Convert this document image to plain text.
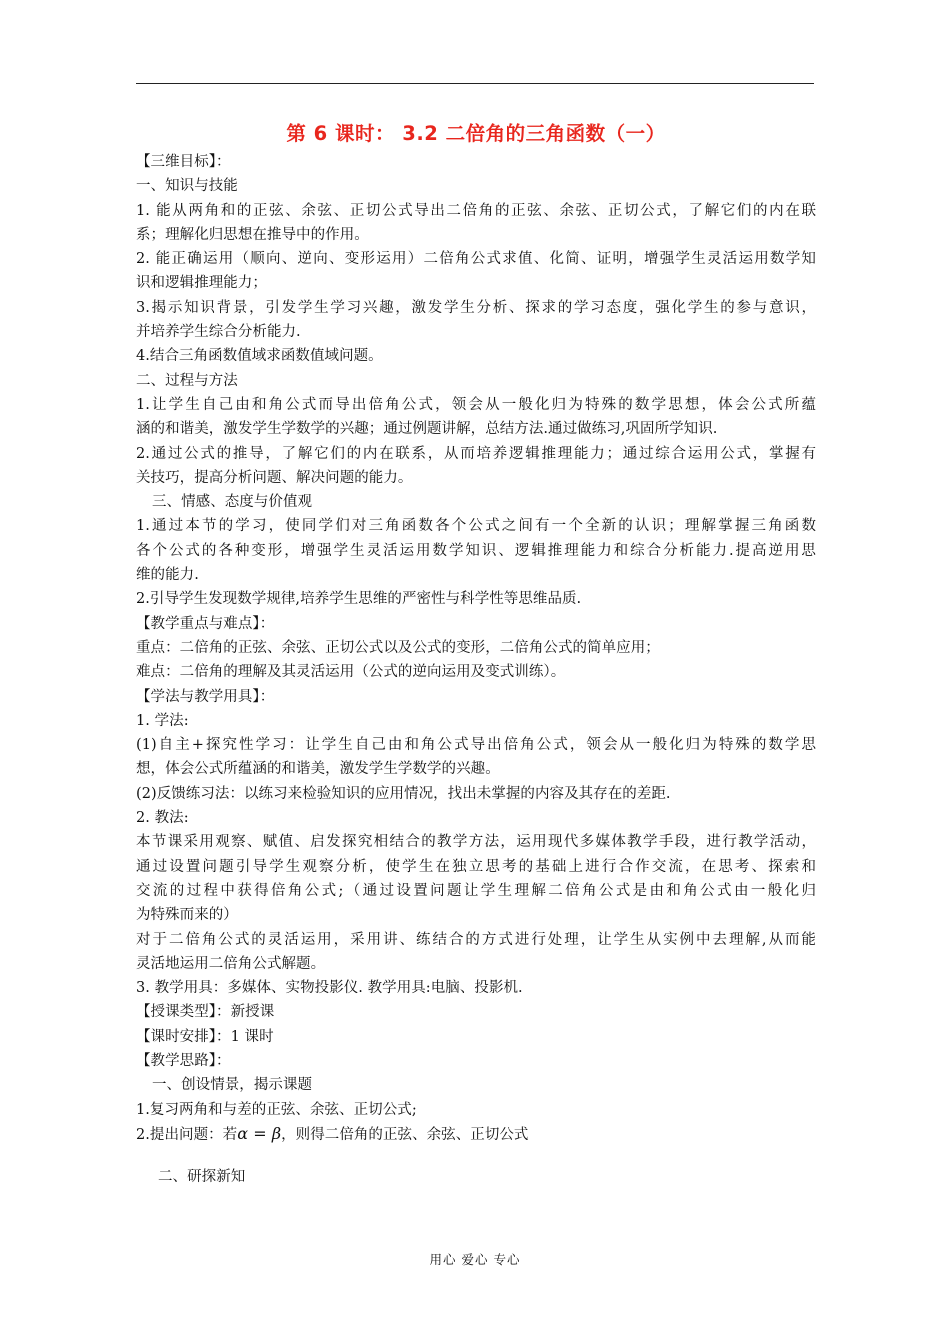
第 6 课时： 3.2 二倍角的三角函数（一）

【三维目标】：

一、知识与技能

1. 能从两角和的正弦、余弦、正切公式导出二倍角的正弦、余弦、正切公式，了解它们的内在联

系；理解化归思想在推导中的作用。

2. 能正确运用（顺向、逆向、变形运用）二倍角公式求值、化简、证明，增强学生灵活运用数学知

识和逻辑推理能力；

3.揭示知识背景，引发学生学习兴趣，激发学生分析、探求的学习态度，强化学生的参与意识，

并培养学生综合分析能力.

4.结合三角函数值域求函数值域问题。

二、过程与方法

1.让学生自己由和角公式而导出倍角公式，领会从一般化归为特殊的数学思想，体会公式所蕴

涵的和谐美，激发学生学数学的兴趣；通过例题讲解，总结方法.通过做练习,巩固所学知识.

2.通过公式的推导，了解它们的内在联系，从而培养逻辑推理能力；通过综合运用公式，掌握有

关技巧，提高分析问题、解决问题的能力。

三、情感、态度与价值观

1.通过本节的学习，使同学们对三角函数各个公式之间有一个全新的认识；理解掌握三角函数

各个公式的各种变形，增强学生灵活运用数学知识、逻辑推理能力和综合分析能力.提高逆用思

维的能力.

2.引导学生发现数学规律,培养学生思维的严密性与科学性等思维品质.

【教学重点与难点】：

重点：二倍角的正弦、余弦、正切公式以及公式的变形，二倍角公式的简单应用；

难点：二倍角的理解及其灵活运用（公式的逆向运用及变式训练）。

【学法与教学用具】：

1. 学法:

(1)自主+探究性学习：让学生自己由和角公式导出倍角公式，领会从一般化归为特殊的数学思

想，体会公式所蕴涵的和谐美，激发学生学数学的兴趣。

(2)反馈练习法：以练习来检验知识的应用情况，找出未掌握的内容及其存在的差距.

2. 教法:

本节课采用观察、赋值、启发探究相结合的教学方法，运用现代多媒体教学手段，进行教学活动，

通过设置问题引导学生观察分析，使学生在独立思考的基础上进行合作交流，在思考、探索和

交流的过程中获得倍角公式;（通过设置问题让学生理解二倍角公式是由和角公式由一般化归

为特殊而来的）

对于二倍角公式的灵活运用，采用讲、练结合的方式进行处理，让学生从实例中去理解,从而能

灵活地运用二倍角公式解题。

3. 教学用具：多媒体、实物投影仪. 教学用具:电脑、投影机.

【授课类型】：新授课

【课时安排】：1 课时

【教学思路】：

一、创设情景，揭示课题

1.复习两角和与差的正弦、余弦、正切公式;

2.提出问题：若α = β，则得二倍角的正弦、余弦、正切公式

二、研探新知

用心 爱心 专心
